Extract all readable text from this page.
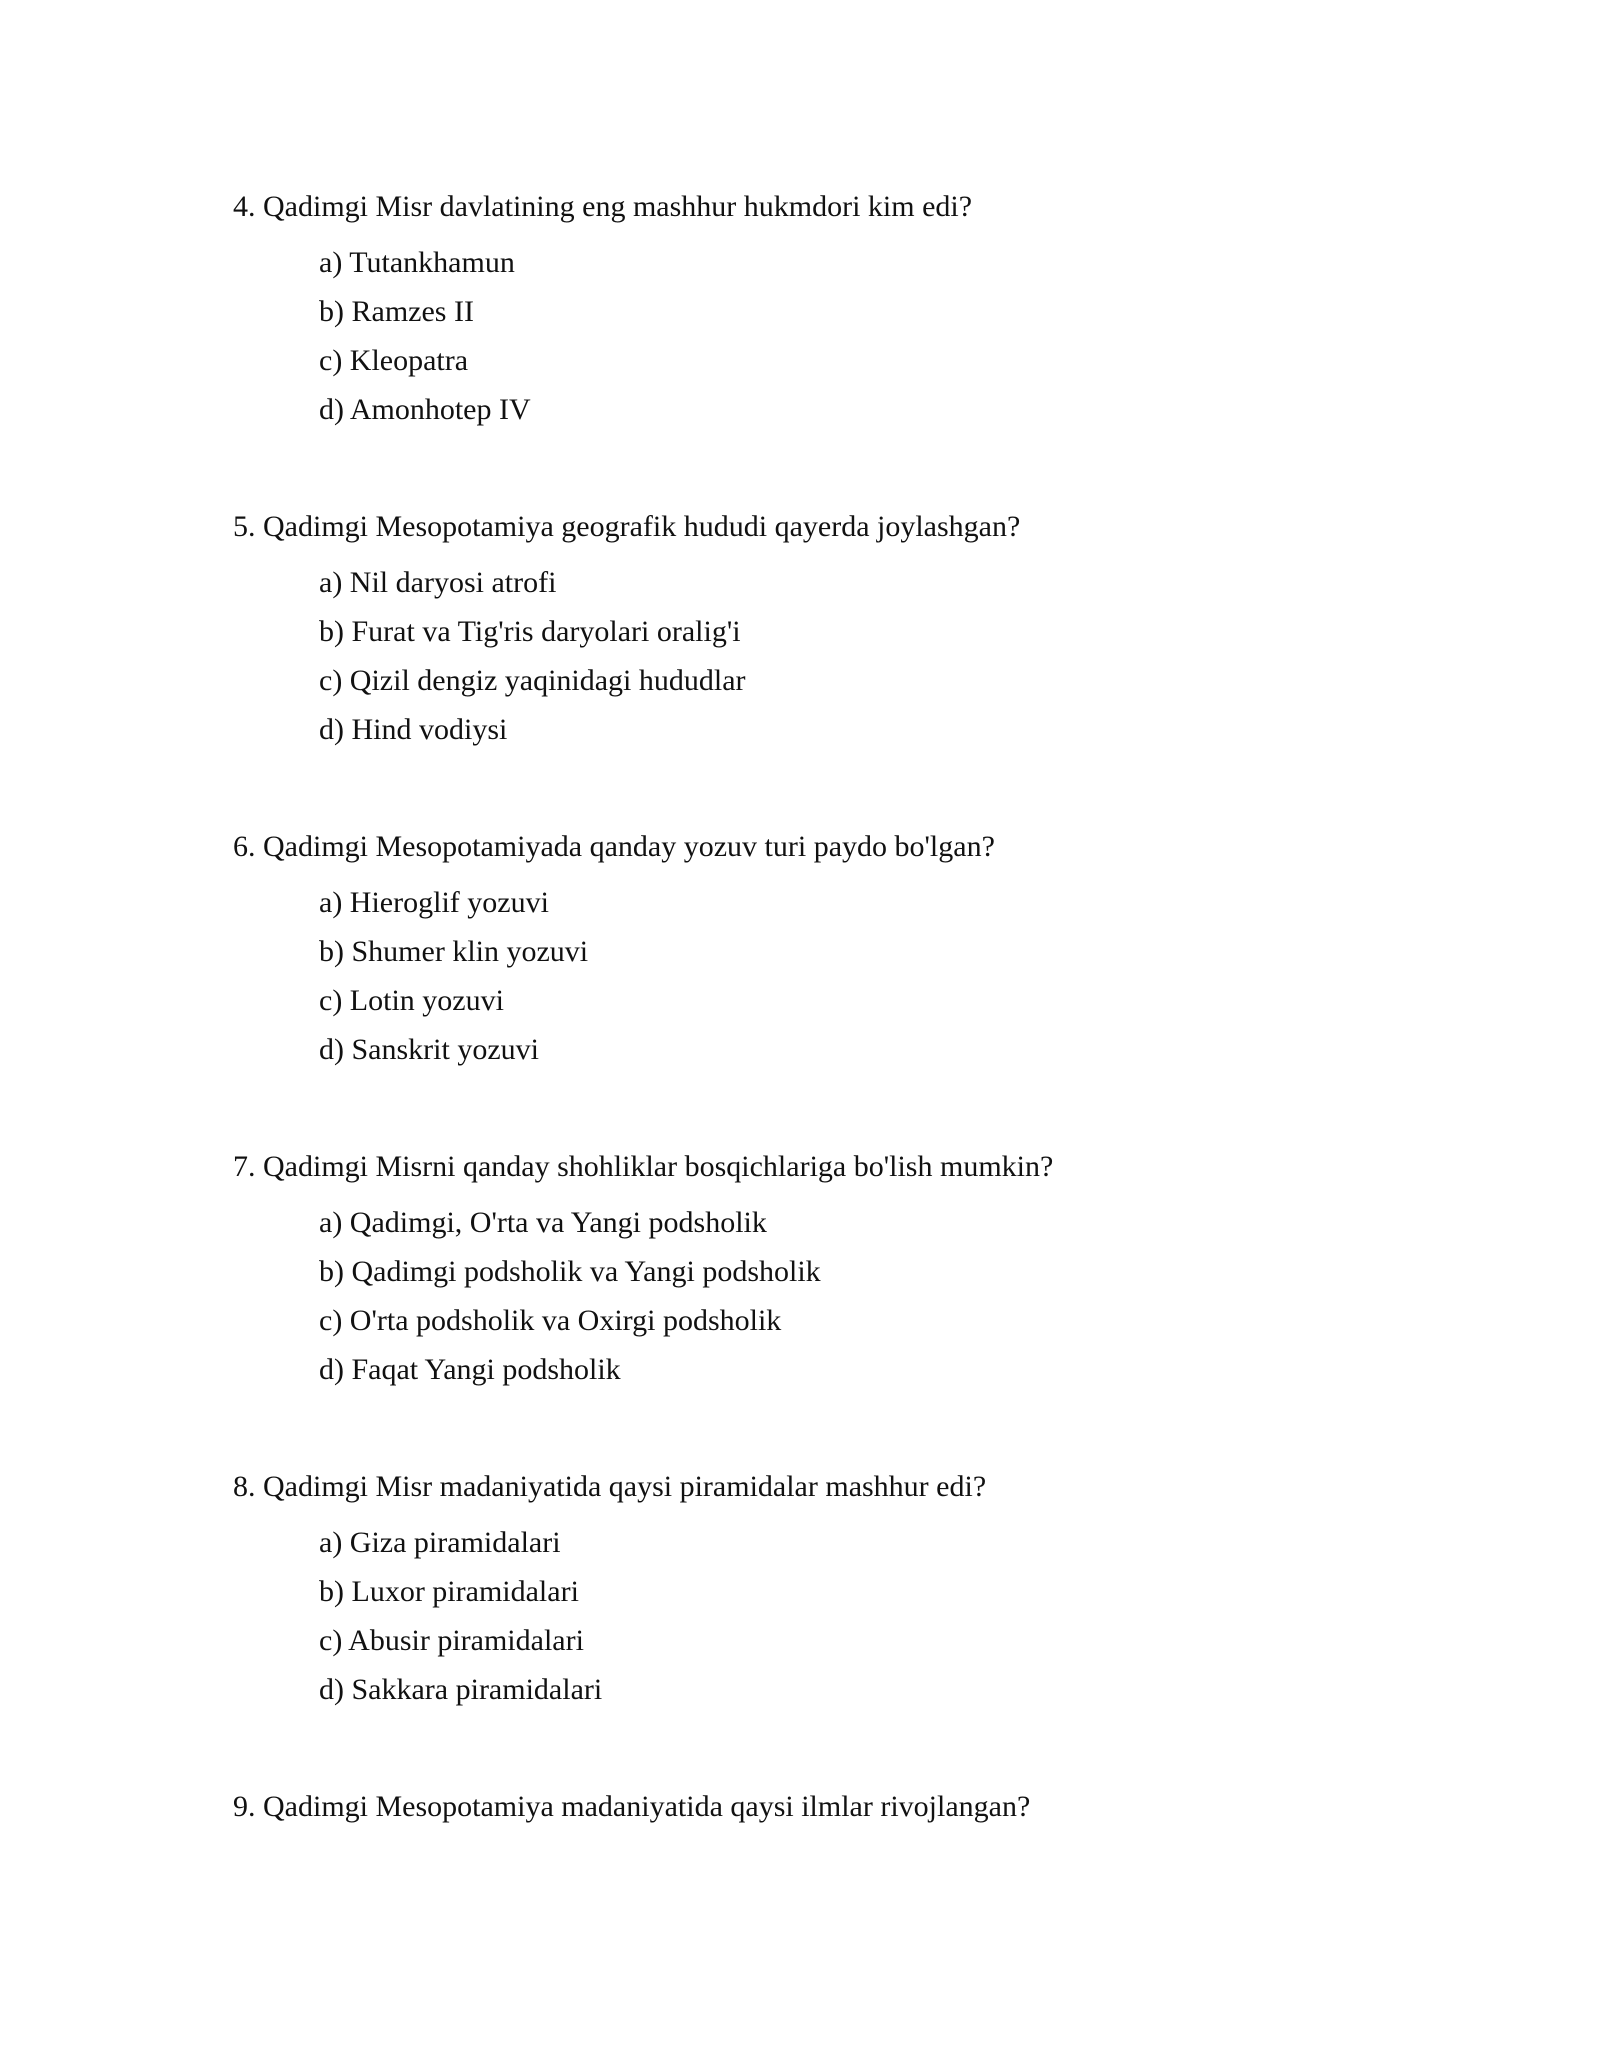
4. Qadimgi Misr davlatining eng mashhur hukmdori kim edi?

a) Tutankhamun
b) Ramzes II
c) Kleopatra
d) Amonhotep IV

5. Qadimgi Mesopotamiya geografik hududi qayerda joylashgan?

a) Nil daryosi atrofi
b) Furat va Tig'ris daryolari oralig'i
c) Qizil dengiz yaqinidagi hududlar
d) Hind vodiysi

6. Qadimgi Mesopotamiyada qanday yozuv turi paydo bo'lgan?

a) Hieroglif yozuvi
b) Shumer klin yozuvi
c) Lotin yozuvi
d) Sanskrit yozuvi

7. Qadimgi Misrni qanday shohliklar bosqichlariga bo'lish mumkin?

a) Qadimgi, O'rta va Yangi podsholik
b) Qadimgi podsholik va Yangi podsholik
c) O'rta podsholik va Oxirgi podsholik
d) Faqat Yangi podsholik

8. Qadimgi Misr madaniyatida qaysi piramidalar mashhur edi?

a) Giza piramidalari
b) Luxor piramidalari
c) Abusir piramidalari
d) Sakkara piramidalari

9. Qadimgi Mesopotamiya madaniyatida qaysi ilmlar rivojlangan?
